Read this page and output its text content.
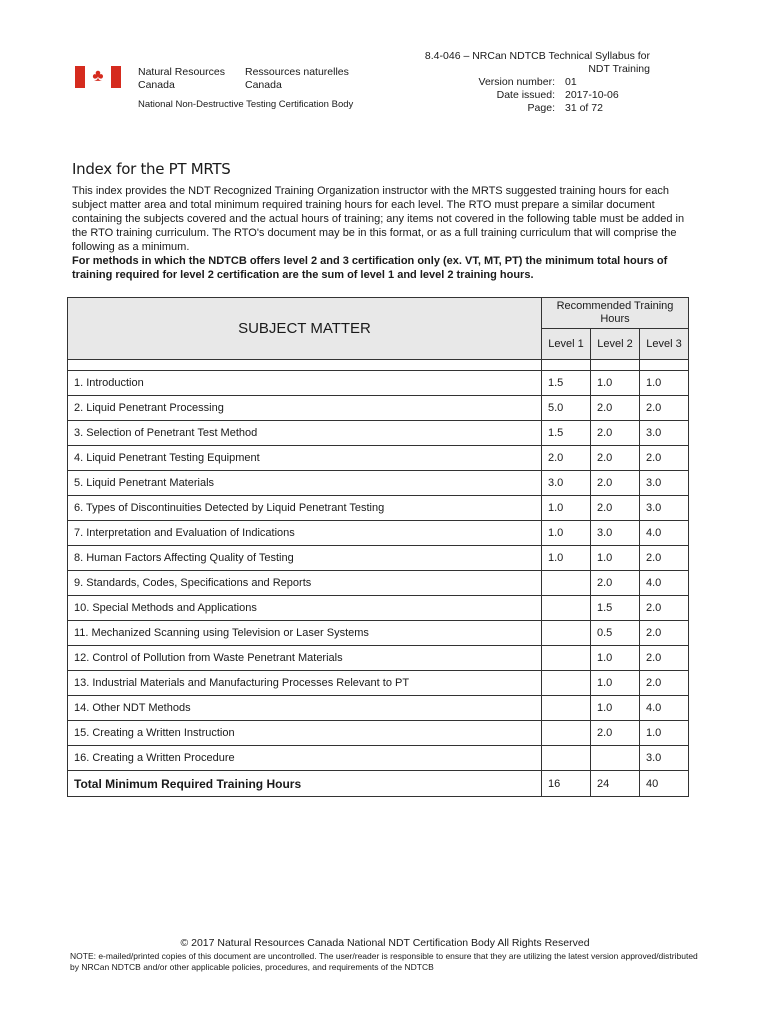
♣	Natural Resources
Canada
Ressources naturelles
Canada
National Non-Destructive Testing Certification Body
8.4-046 – NRCan NDTCB Technical Syllabus for
NDT Training
Version number: 01
Date issued: 2017-10-06
Page: 31 of 72
Index for the PT MRTS

This index provides the NDT Recognized Training Organization instructor with the MRTS suggested training hours for each subject matter area and total minimum required training hours for each level. The RTO must prepare a similar document containing the subjects covered and the actual hours of training; any items not covered in the following table must be added in the RTO training curriculum. The RTO's document may be in this format, or as a full training curriculum that will comprise the following as a minimum.

For methods in which the NDTCB offers level 2 and 3 certification only (ex. VT, MT, PT) the minimum total hours of training required for level 2 certification are the sum of level 1 and level 2 training hours.

SUBJECT MATTER	Recommended Training Hours		
	Level 1	Level 2	Level 3

1. Introduction	1.5	1.0	1.0
2. Liquid Penetrant Processing	5.0	2.0	2.0
3. Selection of Penetrant Test Method	1.5	2.0	3.0
4. Liquid Penetrant Testing Equipment	2.0	2.0	2.0
5. Liquid Penetrant Materials	3.0	2.0	3.0
6. Types of Discontinuities Detected by Liquid Penetrant Testing	1.0	2.0	3.0
7. Interpretation and Evaluation of Indications	1.0	3.0	4.0
8. Human Factors Affecting Quality of Testing	1.0	1.0	2.0
9. Standards, Codes, Specifications and Reports		2.0	4.0
10. Special Methods and Applications		1.5	2.0
11. Mechanized Scanning using Television or Laser Systems		0.5	2.0
12. Control of Pollution from Waste Penetrant Materials		1.0	2.0
13. Industrial Materials and Manufacturing Processes Relevant to PT		1.0	2.0
14. Other NDT Methods		1.0	4.0
15. Creating a Written Instruction		2.0	1.0
16. Creating a Written Procedure			3.0
Total Minimum Required Training Hours	16	24	40
© 2017 Natural Resources Canada National NDT Certification Body All Rights Reserved
NOTE: e-mailed/printed copies of this document are uncontrolled. The user/reader is responsible to ensure that they are utilizing the latest version approved/distributed by NRCan NDTCB and/or other applicable policies, procedures, and requirements of the NDTCB
